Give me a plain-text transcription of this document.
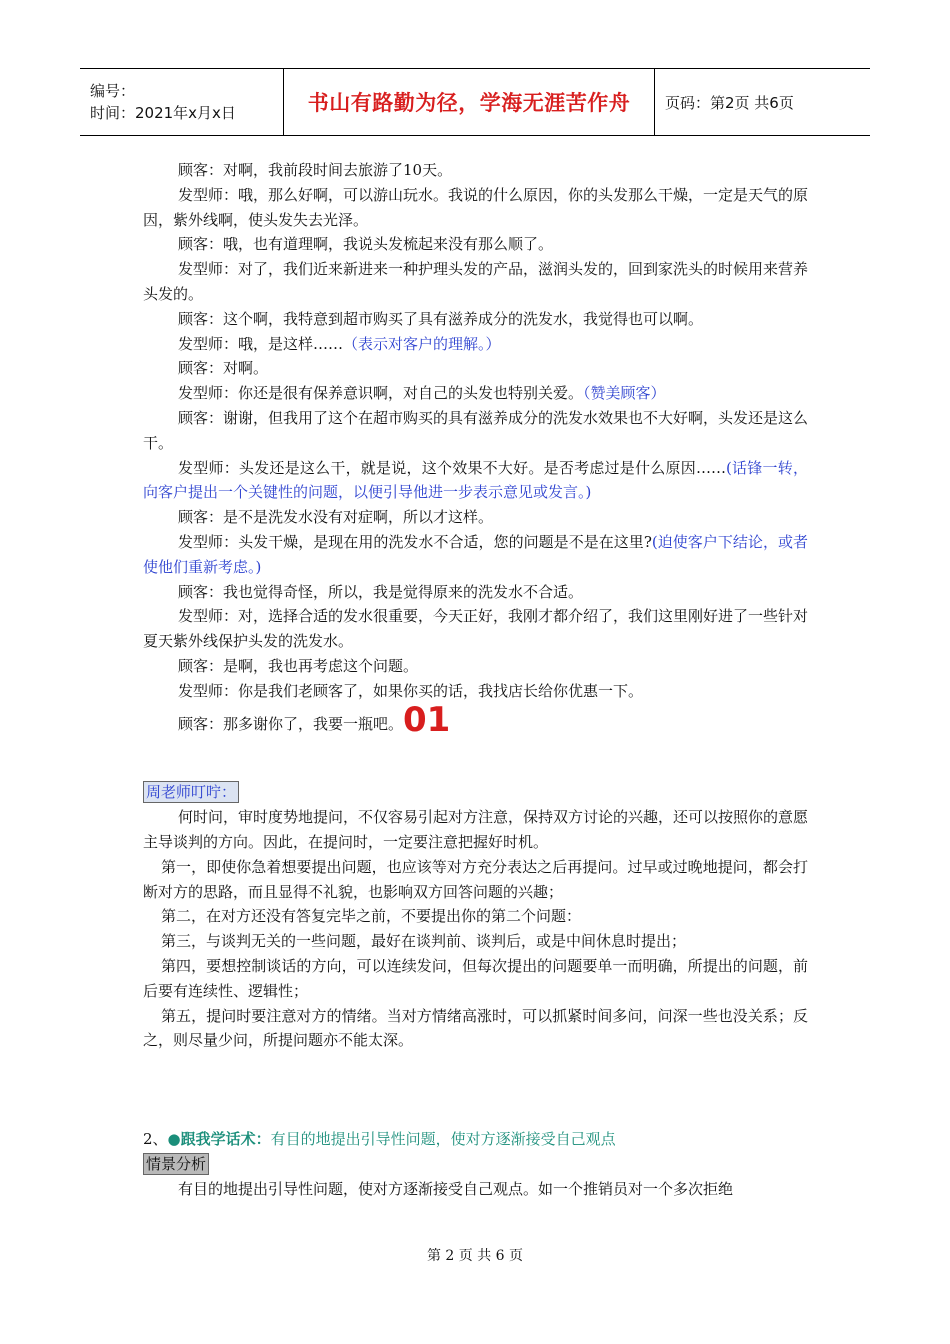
编号：
时间：2021年x月x日	书山有路勤为径，学海无涯苦作舟 页码：第2页 共6页

顾客：对啊，我前段时间去旅游了10天。

发型师：哦，那么好啊，可以游山玩水。我说的什么原因，你的头发那么干燥，一定是天气的原因，紫外线啊，使头发失去光泽。

顾客：哦，也有道理啊，我说头发梳起来没有那么顺了。

发型师：对了，我们近来新进来一种护理头发的产品，滋润头发的，回到家洗头的时候用来营养头发的。

顾客：这个啊，我特意到超市购买了具有滋养成分的洗发水，我觉得也可以啊。

发型师：哦，是这样……（表示对客户的理解。）

顾客：对啊。

发型师：你还是很有保养意识啊，对自己的头发也特别关爱。（赞美顾客）

顾客：谢谢，但我用了这个在超市购买的具有滋养成分的洗发水效果也不大好啊，头发还是这么干。

发型师：头发还是这么干，就是说，这个效果不大好。是否考虑过是什么原因……(话锋一转，向客户提出一个关键性的问题，以便引导他进一步表示意见或发言。)

顾客：是不是洗发水没有对症啊，所以才这样。

发型师：头发干燥，是现在用的洗发水不合适，您的问题是不是在这里?(迫使客户下结论，或者使他们重新考虑。)

顾客：我也觉得奇怪，所以，我是觉得原来的洗发水不合适。

发型师：对，选择合适的发水很重要，今天正好，我刚才都介绍了，我们这里刚好进了一些针对夏天紫外线保护头发的洗发水。

顾客：是啊，我也再考虑这个问题。

发型师：你是我们老顾客了，如果你买的话，我找店长给你优惠一下。

顾客：那多谢你了，我要一瓶吧。01

周老师叮咛：

何时问，审时度势地提问，不仅容易引起对方注意，保持双方讨论的兴趣，还可以按照你的意愿主导谈判的方向。因此，在提问时，一定要注意把握好时机。

第一，即使你急着想要提出问题，也应该等对方充分表达之后再提问。过早或过晚地提问，都会打断对方的思路，而且显得不礼貌，也影响双方回答问题的兴趣；

第二，在对方还没有答复完毕之前，不要提出你的第二个问题：

第三，与谈判无关的一些问题，最好在谈判前、谈判后，或是中间休息时提出；

第四，要想控制谈话的方向，可以连续发问，但每次提出的问题要单一而明确，所提出的问题，前后要有连续性、逻辑性；

第五，提问时要注意对方的情绪。当对方情绪高涨时，可以抓紧时间多问，问深一些也没关系；反之，则尽量少问，所提问题亦不能太深。

2、●跟我学话术：有目的地提出引导性问题，使对方逐渐接受自己观点

情景分析

有目的地提出引导性问题，使对方逐渐接受自己观点。如一个推销员对一个多次拒绝

第 2 页 共 6 页
